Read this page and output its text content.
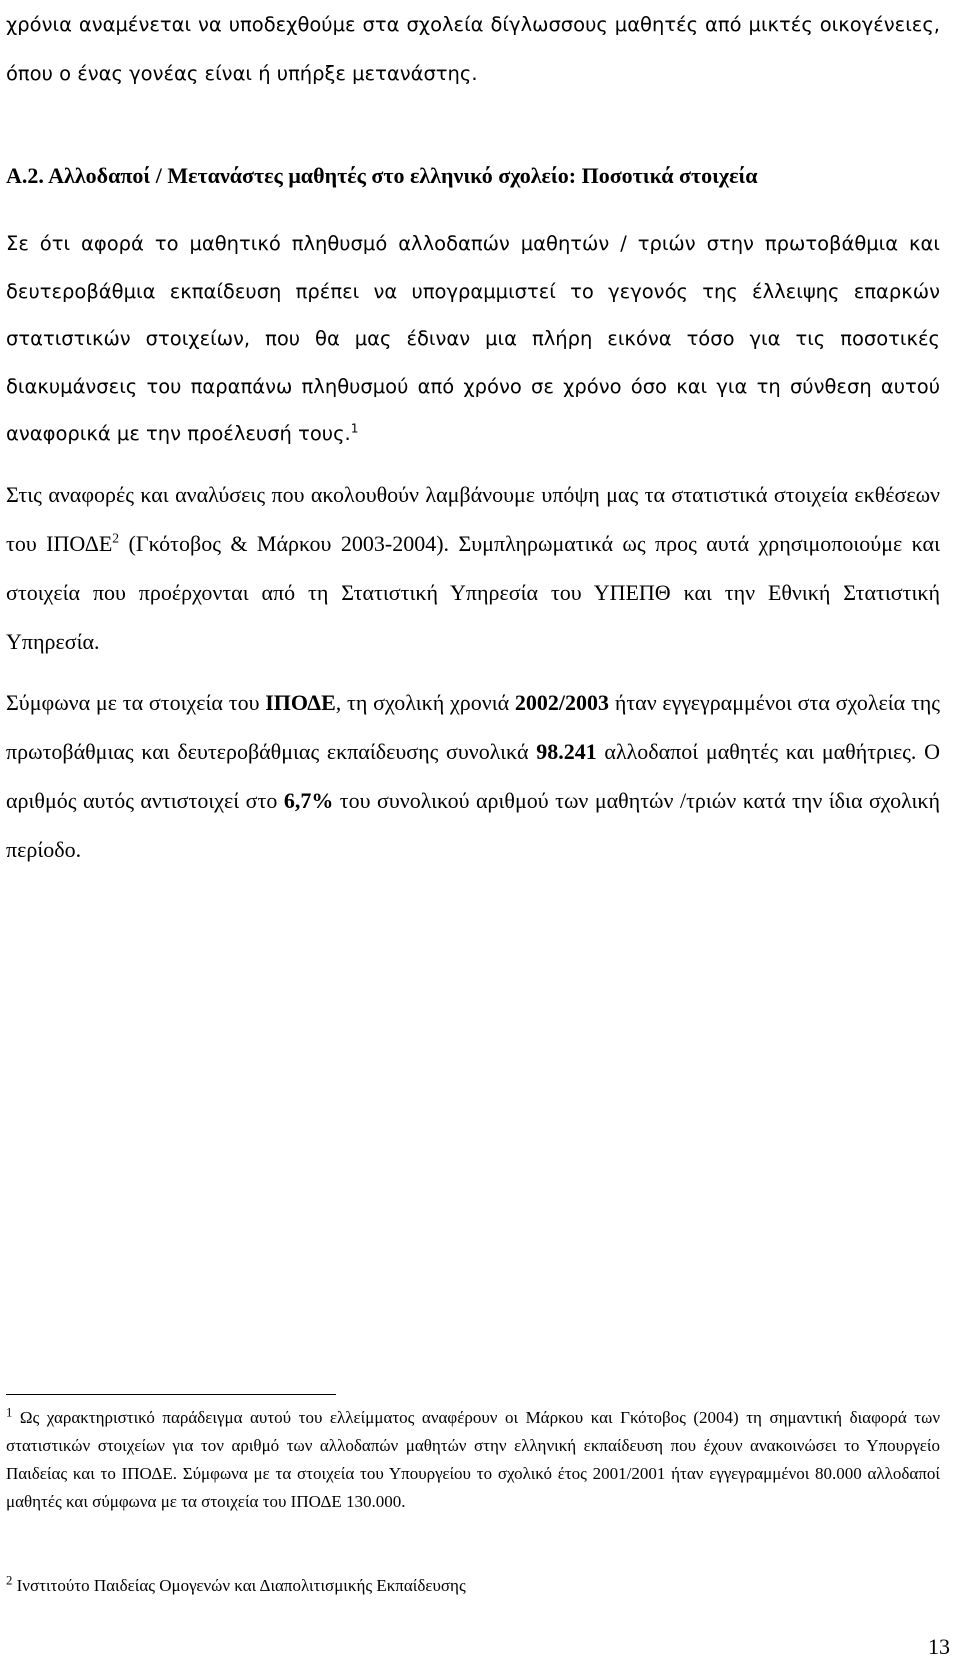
χρόνια αναμένεται να υποδεχθούμε στα σχολεία δίγλωσσους μαθητές από μικτές οικογένειες, όπου ο ένας γονέας είναι ή υπήρξε μετανάστης.

Α.2. Αλλοδαποί / Μετανάστες μαθητές στο ελληνικό σχολείο: Ποσοτικά στοιχεία

Σε ότι αφορά το μαθητικό πληθυσμό αλλοδαπών μαθητών / τριών στην πρωτοβάθμια και δευτεροβάθμια εκπαίδευση πρέπει να υπογραμμιστεί το γεγονός της έλλειψης επαρκών στατιστικών στοιχείων, που θα μας έδιναν μια πλήρη εικόνα τόσο για τις ποσοτικές διακυμάνσεις του παραπάνω πληθυσμού από χρόνο σε χρόνο όσο και για τη σύνθεση αυτού αναφορικά με την προέλευσή τους.$^1$

Στις αναφορές και αναλύσεις που ακολουθούν λαμβάνουμε υπόψη μας τα στατιστικά στοιχεία εκθέσεων του ΙΠΟΔΕ$^2$ (Γκότοβος & Μάρκου 2003-2004). Συμπληρωματικά ως προς αυτά χρησιμοποιούμε και στοιχεία που προέρχονται από τη Στατιστική Υπηρεσία του ΥΠΕΠΘ και την Εθνική Στατιστική Υπηρεσία.

Σύμφωνα με τα στοιχεία του ΙΠΟΔΕ, τη σχολική χρονιά 2002/2003 ήταν εγγεγραμμένοι στα σχολεία της πρωτοβάθμιας και δευτεροβάθμιας εκπαίδευσης συνολικά 98.241 αλλοδαποί μαθητές και μαθήτριες. Ο αριθμός αυτός αντιστοιχεί στο 6,7% του συνολικού αριθμού των μαθητών /τριών κατά την ίδια σχολική περίοδο.

$^1$ Ως χαρακτηριστικό παράδειγμα αυτού του ελλείμματος αναφέρουν οι Μάρκου και Γκότοβος (2004) τη σημαντική διαφορά των στατιστικών στοιχείων για τον αριθμό των αλλοδαπών μαθητών στην ελληνική εκπαίδευση που έχουν ανακοινώσει το Υπουργείο Παιδείας και το ΙΠΟΔΕ. Σύμφωνα με τα στοιχεία του Υπουργείου το σχολικό έτος 2001/2001 ήταν εγγεγραμμένοι 80.000 αλλοδαποί μαθητές και σύμφωνα με τα στοιχεία του ΙΠΟΔΕ 130.000.

$^2$ Ινστιτούτο Παιδείας Ομογενών και Διαπολιτισμικής Εκπαίδευσης

13
